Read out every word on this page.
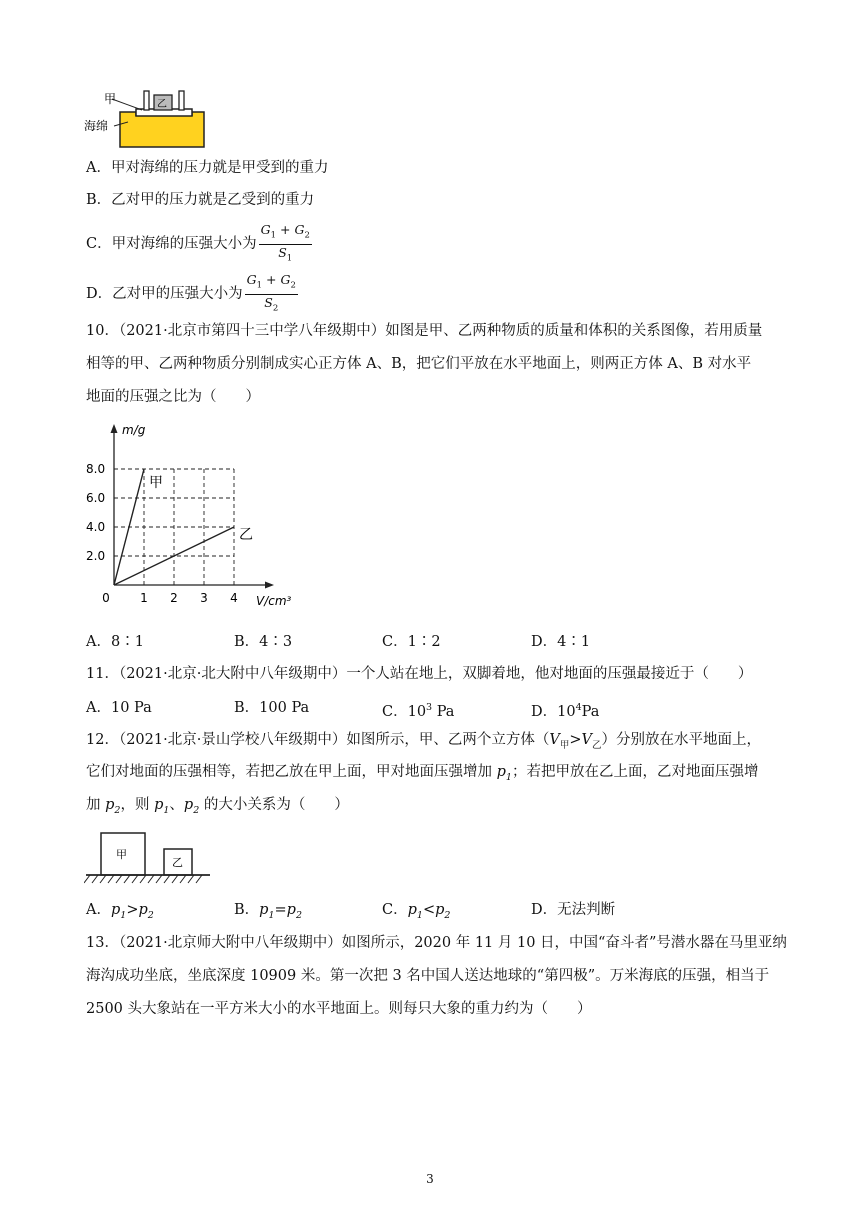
甲
海绵
乙
A．甲对海绵的压力就是甲受到的重力
B．乙对甲的压力就是乙受到的重力
C．甲对海绵的压强大小为 $\frac{G_1 + G_2}{S_1}$
D．乙对甲的压强大小为 $\frac{G_1 + G_2}{S_2}$
10．（2021·北京市第四十三中学八年级期中）如图是甲、乙两种物质的质量和体积的关系图像，若用质量
相等的甲、乙两种物质分别制成实心正方体 A、B，把它们平放在水平地面上，则两正方体 A、B 对水平
地面的压强之比为（　　）
0	1 2 3 4
2.0
4.0
6.0
8.0
m/g
V/cm³
甲
乙
A．8∶1	B．4∶3	C．1∶2	D．4∶1
11．（2021·北京·北大附中八年级期中）一个人站在地上，双脚着地，他对地面的压强最接近于（　　）
A．10 Pa	B．100 Pa	C．$10^3$ Pa	D．$10^4Pa$
12．（2021·北京·景山学校八年级期中）如图所示，甲、乙两个立方体$(V_甲>V_乙)$分别放在水平地面上，
它们对地面的压强相等，若把乙放在甲上面，甲对地面压强增加 $p_1$；若把甲放在乙上面，乙对地面压强增
加 $p_2$，则 $p_1$、$p_2$ 的大小关系为（　　）
甲
乙
A．$p_1>p_2$	B．$p_1=p_2$	C．$p_1<p_2$	D．无法判断
13．（2021·北京师大附中八年级期中）如图所示，2020 年 11 月 10 日，中国“奋斗者”号潜水器在马里亚纳
海沟成功坐底，坐底深度 10909 米。第一次把 3 名中国人送达地球的“第四极”。万米海底的压强，相当于
2500 头大象站在一平方米大小的水平地面上。则每只大象的重力约为（　　）
3
